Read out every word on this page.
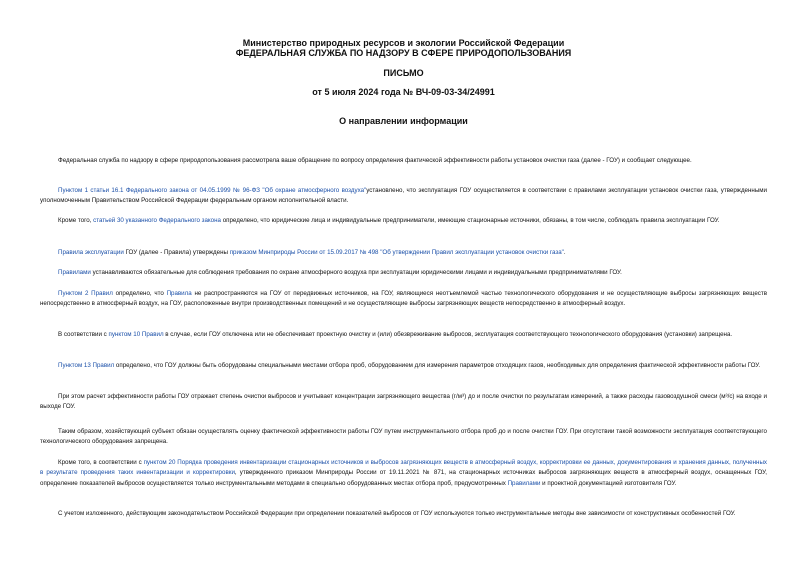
Министерство природных ресурсов и экологии Российской Федерации
ФЕДЕРАЛЬНАЯ СЛУЖБА ПО НАДЗОРУ В СФЕРЕ ПРИРОДОПОЛЬЗОВАНИЯ
ПИСЬМО
от 5 июля 2024 года № ВЧ-09-03-34/24991
О направлении информации

Федеральная служба по надзору в сфере природопользования рассмотрела ваше обращение по вопросу определения фактической эффективности работы установок очистки газа (далее - ГОУ) и сообщает следующее.

Пунктом 1 статьи 16.1 Федерального закона от 04.05.1999 № 96-ФЗ "Об охране атмосферного воздуха"установлено, что эксплуатация ГОУ осуществляется в соответствии с правилами эксплуатации установок очистки газа, утвержденными уполномоченным Правительством Российской Федерации федеральным органом исполнительной власти.

Кроме того, статьей 30 указанного Федерального закона определено, что юридические лица и индивидуальные предприниматели, имеющие стационарные источники, обязаны, в том числе, соблюдать правила эксплуатации ГОУ.

Правила эксплуатации ГОУ (далее - Правила) утверждены приказом Минприроды России от 15.09.2017 № 498 "Об утверждении Правил эксплуатации установок очистки газа".

Правилами устанавливаются обязательные для соблюдения требования по охране атмосферного воздуха при эксплуатации юридическими лицами и индивидуальными предпринимателями ГОУ.

Пунктом 2 Правил определено, что Правила не распространяются на ГОУ от передвижных источников, на ГОУ, являющиеся неотъемлемой частью технологического оборудования и не осуществляющие выбросы загрязняющих веществ непосредственно в атмосферный воздух, на ГОУ, расположенные внутри производственных помещений и не осуществляющие выбросы загрязняющих веществ непосредственно в атмосферный воздух.

В соответствии с пунктом 10 Правил в случае, если ГОУ отключена или не обеспечивает проектную очистку и (или) обезвреживание выбросов, эксплуатация соответствующего технологического оборудования (установки) запрещена.

Пунктом 13 Правил определено, что ГОУ должны быть оборудованы специальными местами отбора проб, оборудованием для измерения параметров отходящих газов, необходимых для определения фактической эффективности работы ГОУ.

При этом расчет эффективности работы ГОУ отражает степень очистки выбросов и учитывает концентрации загрязняющего вещества (г/м³) до и после очистки по результатам измерений, а также расходы газовоздушной смеси (м³/с) на входе и выходе ГОУ.

Таким образом, хозяйствующий субъект обязан осуществлять оценку фактической эффективности работы ГОУ путем инструментального отбора проб до и после очистки ГОУ. При отсутствии такой возможности эксплуатация соответствующего технологического оборудования запрещена.

Кроме того, в соответствии с пунктом 20 Порядка проведения инвентаризации стационарных источников и выбросов загрязняющих веществ в атмосферный воздух, корректировки ее данных, документирования и хранения данных, полученных в результате проведения таких инвентаризации и корректировки, утвержденного приказом Минприроды России от 19.11.2021 № 871, на стационарных источниках выбросов загрязняющих веществ в атмосферный воздух, оснащенных ГОУ, определение показателей выбросов осуществляется только инструментальными методами в специально оборудованных местах отбора проб, предусмотренных Правилами и проектной документацией изготовителя ГОУ.

С учетом изложенного, действующим законодательством Российской Федерации при определении показателей выбросов от ГОУ используются только инструментальные методы вне зависимости от конструктивных особенностей ГОУ.
